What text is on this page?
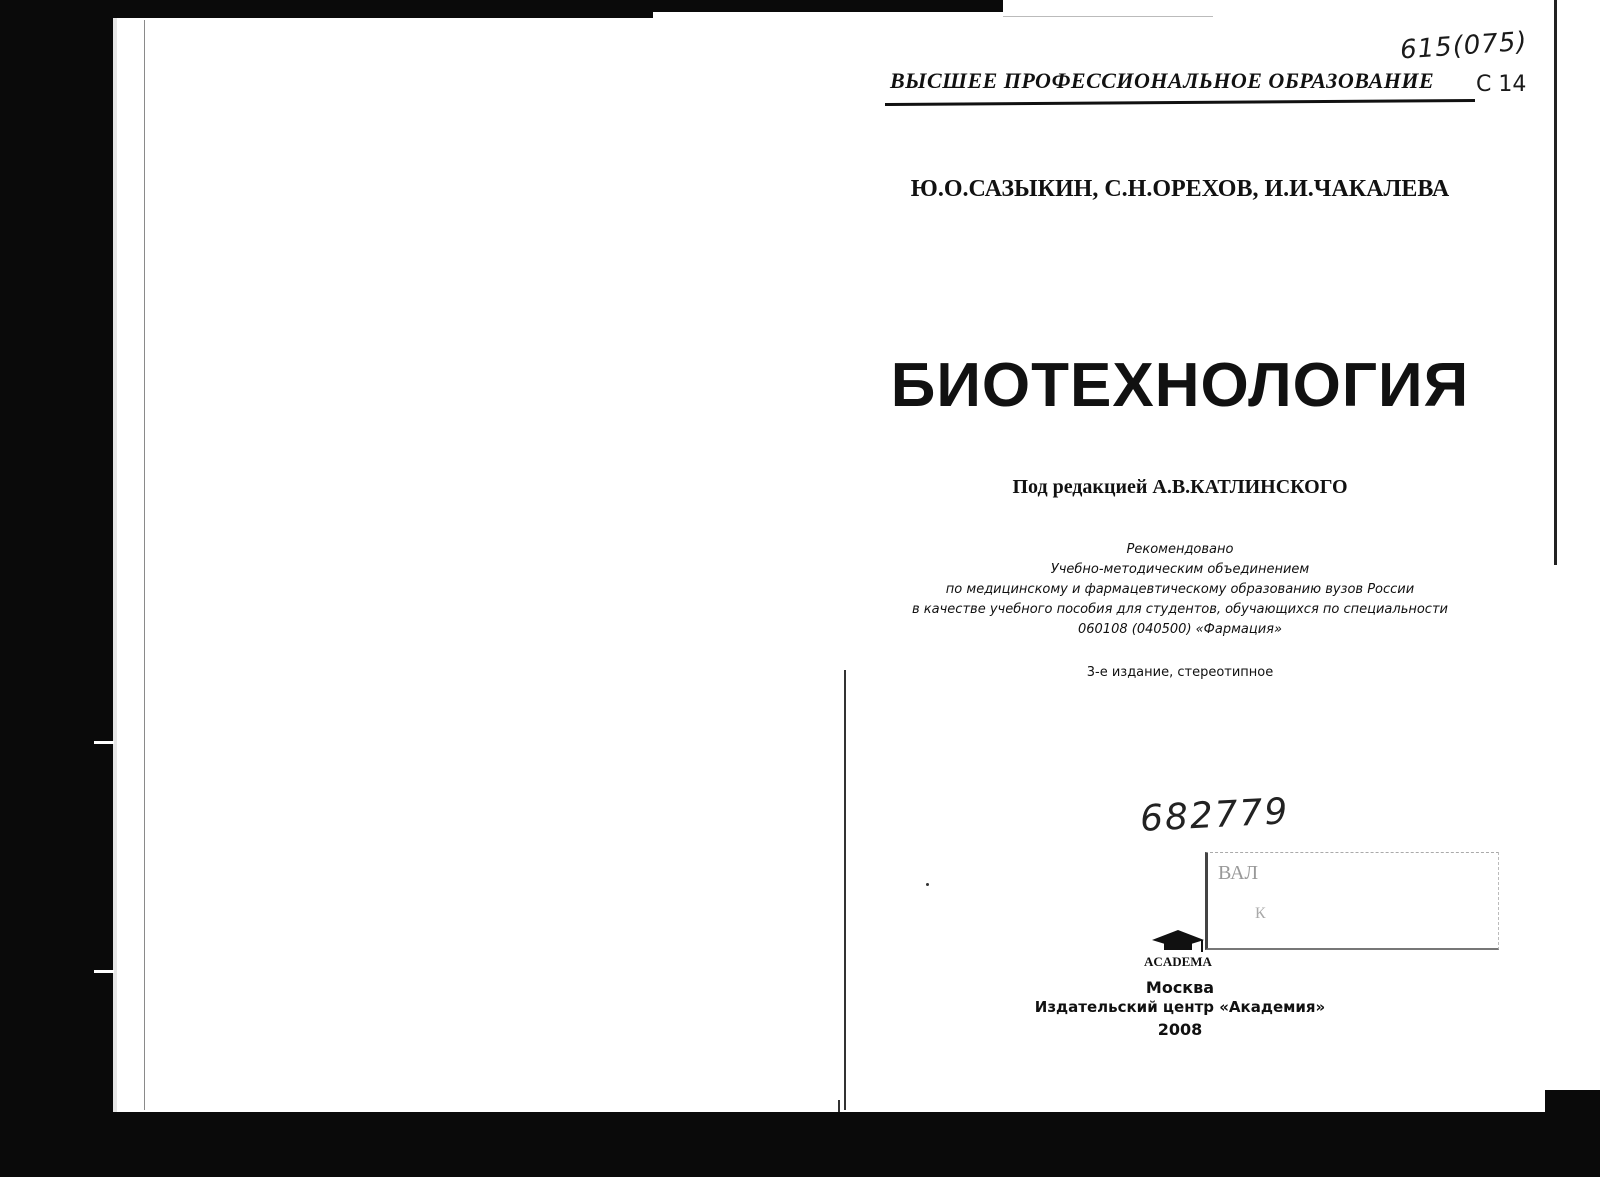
615(075)
ВЫСШЕЕ ПРОФЕССИОНАЛЬНОЕ ОБРАЗОВАНИЕ	С 14
Ю.О.САЗЫКИН, С.Н.ОРЕХОВ, И.И.ЧАКАЛЕВА
БИОТЕХНОЛОГИЯ
Под редакцией А.В.КАТЛИНСКОГО
Рекомендовано
Учебно-методическим объединением
по медицинскому и фармацевтическому образованию вузов России
в качестве учебного пособия для студентов, обучающихся по специальности
060108 (040500) «Фармация»
3-е издание, стереотипное
682779
ВАЛ
К
ACADEMA
Москва
Издательский центр «Академия»
2008
